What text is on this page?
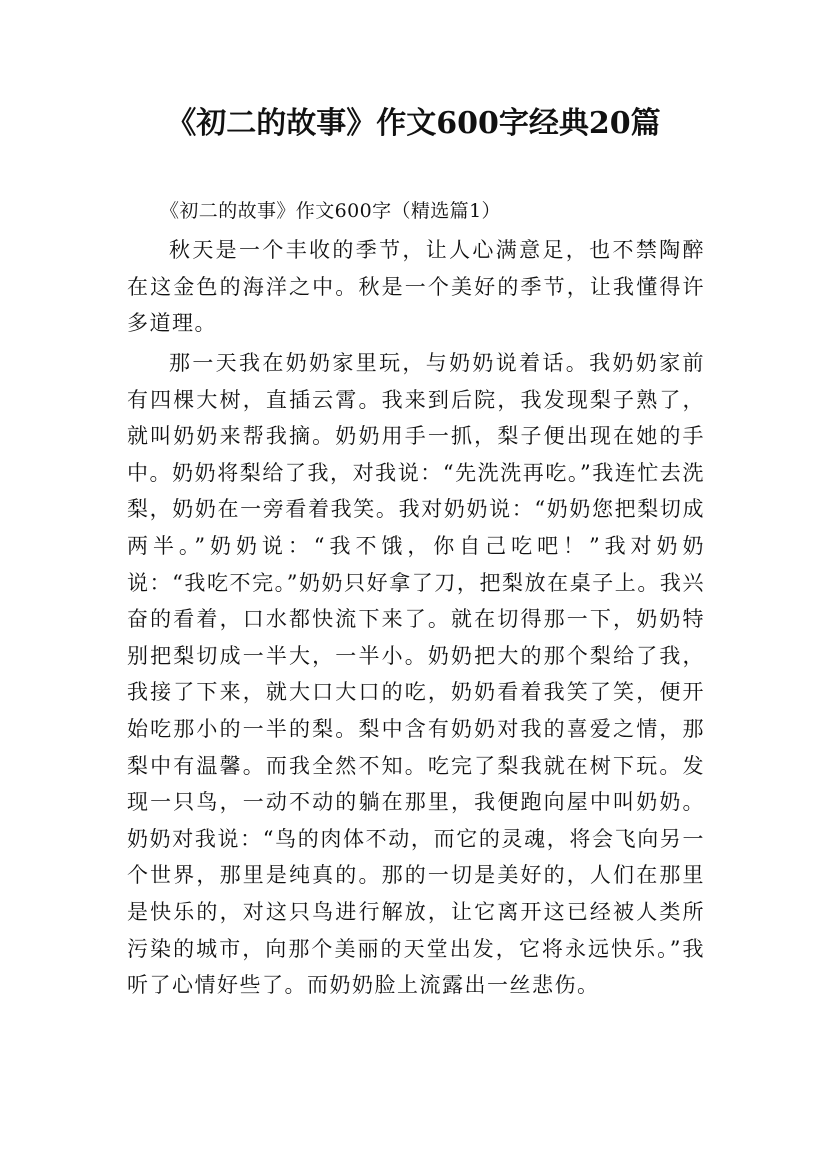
《初二的故事》作文600字经典20篇

《初二的故事》作文600字（精选篇1）

秋天是一个丰收的季节，让人心满意足，也不禁陶醉在这金色的海洋之中。秋是一个美好的季节，让我懂得许多道理。

那一天我在奶奶家里玩，与奶奶说着话。我奶奶家前有四棵大树，直插云霄。我来到后院，我发现梨子熟了，就叫奶奶来帮我摘。奶奶用手一抓，梨子便出现在她的手中。奶奶将梨给了我，对我说：“先洗洗再吃。”我连忙去洗梨，奶奶在一旁看着我笑。我对奶奶说：“奶奶您把梨切成两半。”奶奶说：“我不饿，你自己吃吧！”我对奶奶说：“我吃不完。”奶奶只好拿了刀，把梨放在桌子上。我兴奋的看着，口水都快流下来了。就在切得那一下，奶奶特别把梨切成一半大，一半小。奶奶把大的那个梨给了我，我接了下来，就大口大口的吃，奶奶看着我笑了笑，便开始吃那小的一半的梨。梨中含有奶奶对我的喜爱之情，那梨中有温馨。而我全然不知。吃完了梨我就在树下玩。发现一只鸟，一动不动的躺在那里，我便跑向屋中叫奶奶。奶奶对我说：“鸟的肉体不动，而它的灵魂，将会飞向另一个世界，那里是纯真的。那的一切是美好的，人们在那里是快乐的，对这只鸟进行解放，让它离开这已经被人类所污染的城市，向那个美丽的天堂出发，它将永远快乐。”我听了心情好些了。而奶奶脸上流露出一丝悲伤。
